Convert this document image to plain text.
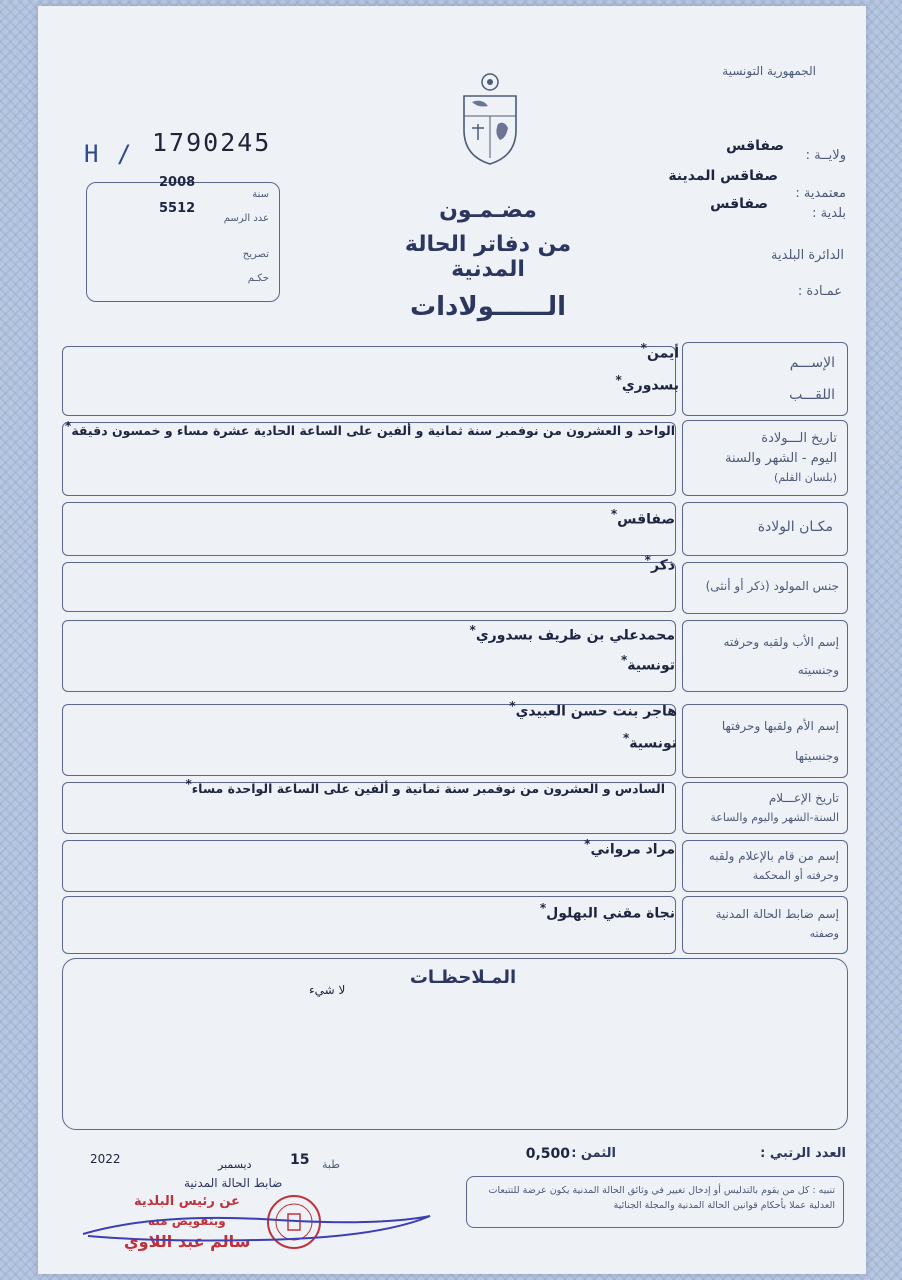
الجمهورية التونسية
H / 1790245
2008
5512
سنة
عدد الرسم
تصريح
حكـم
ولايــة :
صفاقس
معتمدية :
صفاقس المدينة
بلدية :
صفاقس
الدائرة البلدية
عمـادة :
مضـمـون
من دفاتر الحالة المدنية
الــــــولادات
الإســـم
اللقـــب
أيمن *
بسدوري *
تاريخ الـــولادة
اليوم - الشهر والسنة
(بلسان القلم)
الواحد و العشرون من نوفمبر سنة ثمانية و ألفين على الساعة الحادية عشرة مساء و خمسون دقيقة *
مكـان الولادة
صفاقس *
جنس المولود (ذكر أو أنثى)
ذكر *
إسم الأب ولقبه وحرفته
وجنسيته
محمدعلي بن ظريف بسدوري *
تونسية *
إسم الأم ولقبها وحرفتها
وجنسيتها
هاجر بنت حسن العبيدي *
تونسية *
تاريخ الإعـــلام
السنة-الشهر واليوم والساعة
السادس و العشرون من نوفمبر سنة ثمانية و ألفين على الساعة الواحدة مساء *
إسم من قام بالإعلام ولقبه
وحرفته أو المحكمة
مراد مرواني *
إسم ضابط الحالة المدنية
وصفته
نجاة مقني البهلول *
المـلاحظـات
لا شيء
العدد الرتبي :
الثمن :
0,500
2022	ديسمبر	15 طبة
ضابط الحالة المدنية
عن رئيس البلدية
وبتفويض منه
سالم عبد اللاوي
تنبيه : كل من يقوم بالتدليس أو إدخال تغيير في وثائق الحالة المدنية يكون عرضة للتتبعات العدلية عملا بأحكام قوانين الحالة المدنية والمجلة الجنائية
